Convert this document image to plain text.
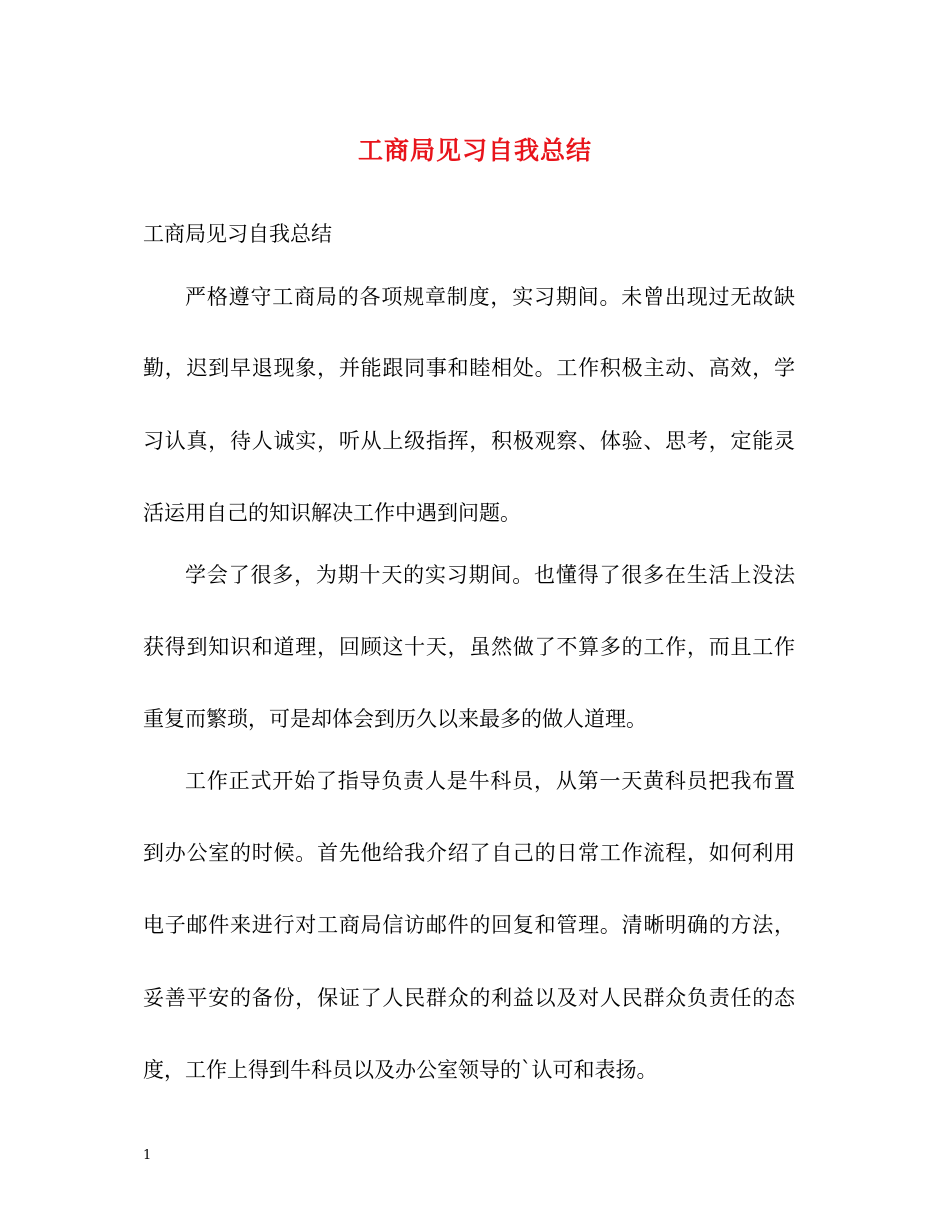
工商局见习自我总结
工商局见习自我总结
严格遵守工商局的各项规章制度，实习期间。未曾出现过无故缺
勤，迟到早退现象，并能跟同事和睦相处。工作积极主动、高效，学
习认真，待人诚实，听从上级指挥，积极观察、体验、思考，定能灵
活运用自己的知识解决工作中遇到问题。
学会了很多，为期十天的实习期间。也懂得了很多在生活上没法
获得到知识和道理，回顾这十天，虽然做了不算多的工作，而且工作
重复而繁琐，可是却体会到历久以来最多的做人道理。
工作正式开始了指导负责人是牛科员，从第一天黄科员把我布置
到办公室的时候。首先他给我介绍了自己的日常工作流程，如何利用
电子邮件来进行对工商局信访邮件的回复和管理。清晰明确的方法，
妥善平安的备份，保证了人民群众的利益以及对人民群众负责任的态
度，工作上得到牛科员以及办公室领导的`认可和表扬。
1
